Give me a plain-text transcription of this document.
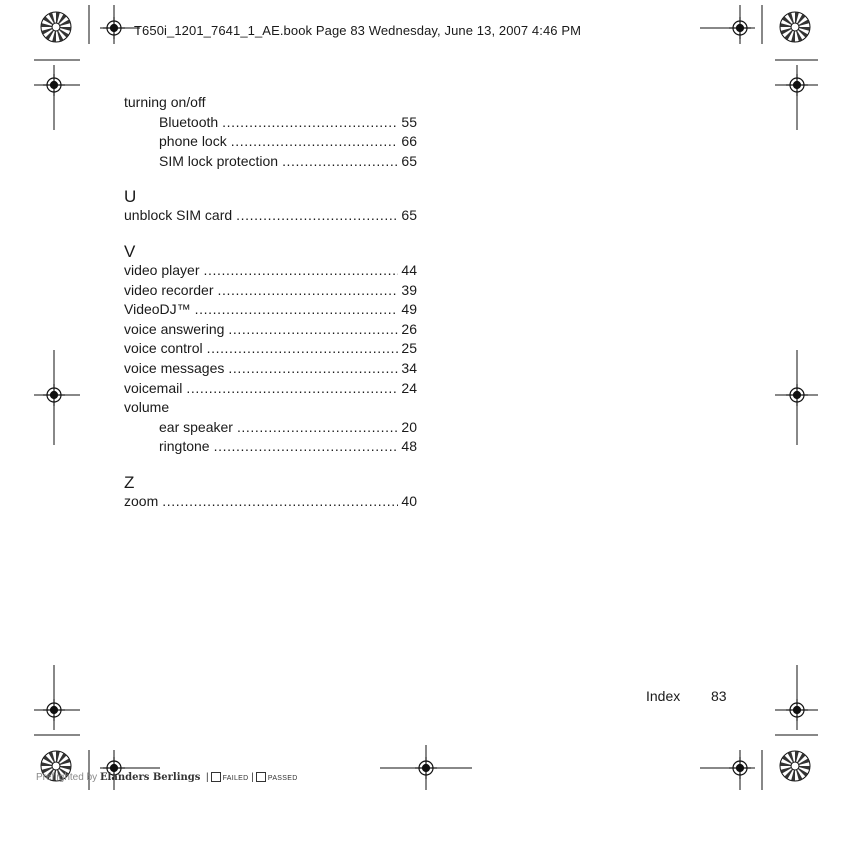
T650i_1201_7641_1_AE.book Page 83 Wednesday, June 13, 2007 4:46 PM
turning on/off
Bluetooth .....	55
phone lock .....	66
SIM lock protection .....	65
U
unblock SIM card .....	65
V
video player .....	44
video recorder .....	39
VideoDJ™ .....	49
voice answering .....	26
voice control .....	25
voice messages .....	34
voicemail .....	24
volume
ear speaker .....	20
ringtone .....	48
Z
zoom .....	40
Index 83
Preflighted by Elanders Berlings  | FAILED | PASSED
